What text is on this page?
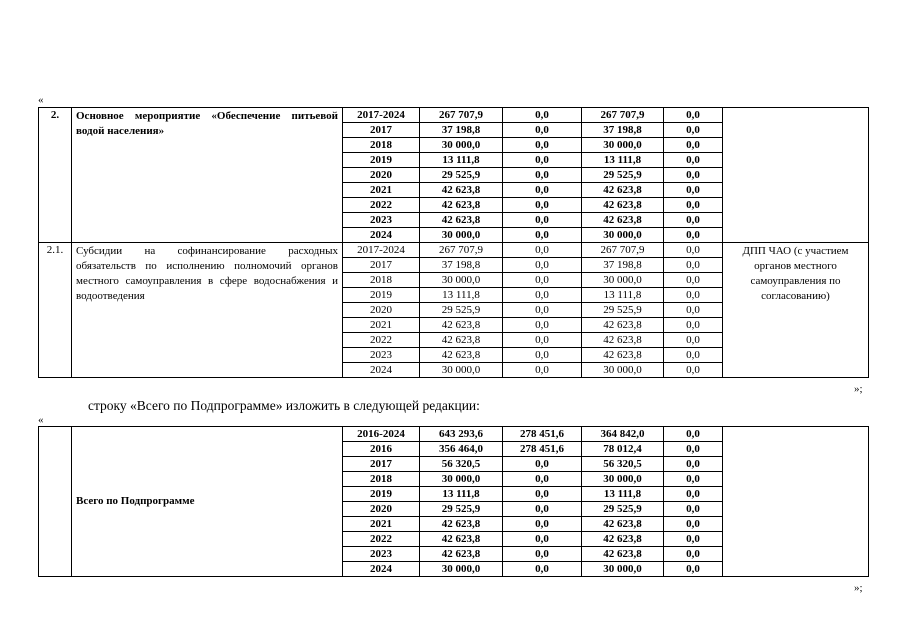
«
2.	Основное мероприятие «Обеспечение питьевой водой населения»	2017-2024	267 707,9	0,0	267 707,9	0,0	
		2017	37 198,8	0,0	37 198,8	0,0	
		2018	30 000,0	0,0	30 000,0	0,0	
		2019	13 111,8	0,0	13 111,8	0,0	
		2020	29 525,9	0,0	29 525,9	0,0	
		2021	42 623,8	0,0	42 623,8	0,0	
		2022	42 623,8	0,0	42 623,8	0,0	
		2023	42 623,8	0,0	42 623,8	0,0	
		2024	30 000,0	0,0	30 000,0	0,0	
2.1.	Субсидии на софинансирование расходных обязательств по исполнению полномочий органов местного самоуправления в сфере водоснабжения и водоотведения	2017-2024	267 707,9	0,0	267 707,9	0,0	ДПП ЧАО (с участием органов местного самоуправления по согласованию)
		2017	37 198,8	0,0	37 198,8	0,0	
		2018	30 000,0	0,0	30 000,0	0,0	
		2019	13 111,8	0,0	13 111,8	0,0	
		2020	29 525,9	0,0	29 525,9	0,0	
		2021	42 623,8	0,0	42 623,8	0,0	
		2022	42 623,8	0,0	42 623,8	0,0	
		2023	42 623,8	0,0	42 623,8	0,0	
		2024	30 000,0	0,0	30 000,0	0,0	
»;
строку «Всего по Подпрограмме» изложить в следующей редакции:
«
	Всего по Подпрограмме	2016-2024	643 293,6	278 451,6	364 842,0	0,0	
		2016	356 464,0	278 451,6	78 012,4	0,0	
		2017	56 320,5	0,0	56 320,5	0,0	
		2018	30 000,0	0,0	30 000,0	0,0	
		2019	13 111,8	0,0	13 111,8	0,0	
		2020	29 525,9	0,0	29 525,9	0,0	
		2021	42 623,8	0,0	42 623,8	0,0	
		2022	42 623,8	0,0	42 623,8	0,0	
		2023	42 623,8	0,0	42 623,8	0,0	
		2024	30 000,0	0,0	30 000,0	0,0	
»;
